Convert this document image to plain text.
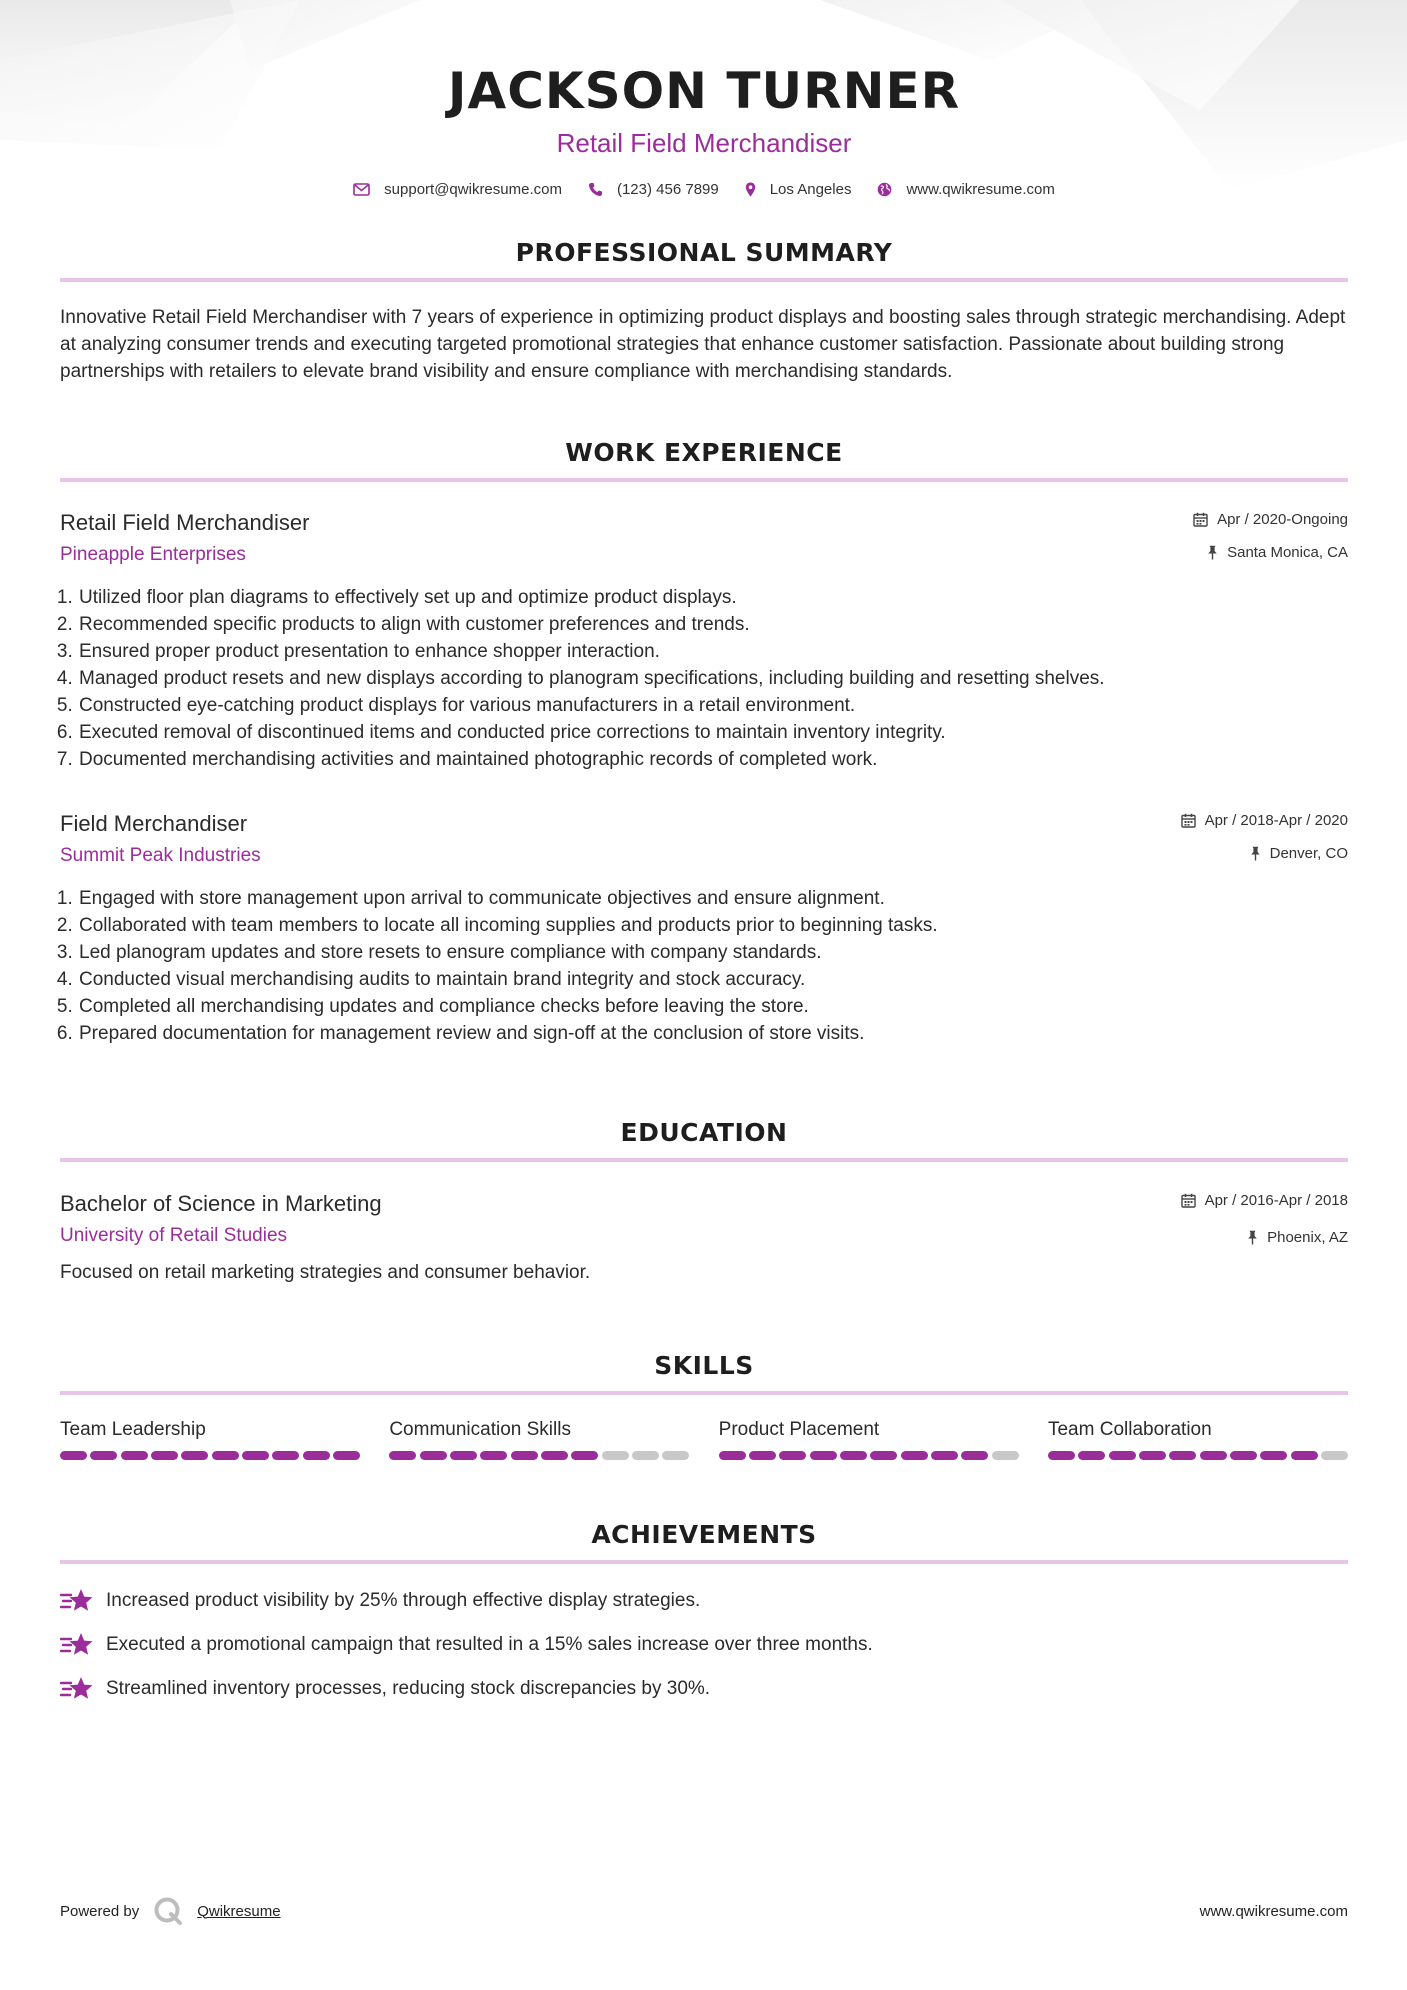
JACKSON TURNER
Retail Field Merchandiser
support@qwikresume.com	(123) 456 7899	Los Angeles	www.qwikresume.com
PROFESSIONAL SUMMARY
Innovative Retail Field Merchandiser with 7 years of experience in optimizing product displays and boosting sales through strategic merchandising. Adept at analyzing consumer trends and executing targeted promotional strategies that enhance customer satisfaction. Passionate about building strong partnerships with retailers to elevate brand visibility and ensure compliance with merchandising standards.
WORK EXPERIENCE
Retail Field Merchandiser
Pineapple Enterprises
Apr / 2020-Ongoing
Santa Monica, CA
1. Utilized floor plan diagrams to effectively set up and optimize product displays.
2. Recommended specific products to align with customer preferences and trends.
3. Ensured proper product presentation to enhance shopper interaction.
4. Managed product resets and new displays according to planogram specifications, including building and resetting shelves.
5. Constructed eye-catching product displays for various manufacturers in a retail environment.
6. Executed removal of discontinued items and conducted price corrections to maintain inventory integrity.
7. Documented merchandising activities and maintained photographic records of completed work.
Field Merchandiser
Summit Peak Industries
Apr / 2018-Apr / 2020
Denver, CO
1. Engaged with store management upon arrival to communicate objectives and ensure alignment.
2. Collaborated with team members to locate all incoming supplies and products prior to beginning tasks.
3. Led planogram updates and store resets to ensure compliance with company standards.
4. Conducted visual merchandising audits to maintain brand integrity and stock accuracy.
5. Completed all merchandising updates and compliance checks before leaving the store.
6. Prepared documentation for management review and sign-off at the conclusion of store visits.
EDUCATION
Bachelor of Science in Marketing
University of Retail Studies
Apr / 2016-Apr / 2018
Phoenix, AZ
Focused on retail marketing strategies and consumer behavior.
SKILLS
Team Leadership	Communication Skills	Product Placement	Team Collaboration
ACHIEVEMENTS
Increased product visibility by 25% through effective display strategies.
Executed a promotional campaign that resulted in a 15% sales increase over three months.
Streamlined inventory processes, reducing stock discrepancies by 30%.
Powered by	Qwikresume	www.qwikresume.com
